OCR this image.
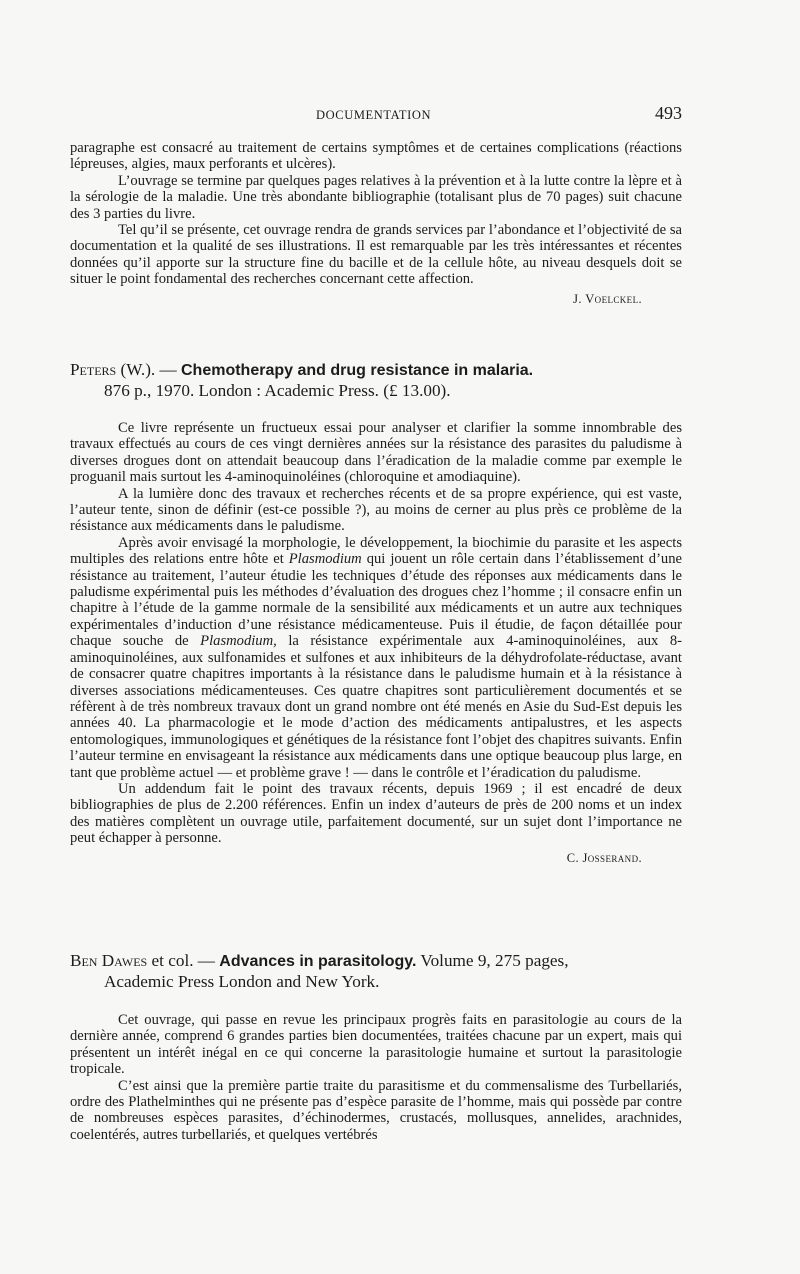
DOCUMENTATION	493

paragraphe est consacré au traitement de certains symptômes et de certaines complications (réactions lépreuses, algies, maux perforants et ulcères).

L’ouvrage se termine par quelques pages relatives à la prévention et à la lutte contre la lèpre et à la sérologie de la maladie. Une très abondante bibliographie (totalisant plus de 70 pages) suit chacune des 3 parties du livre.

Tel qu’il se présente, cet ouvrage rendra de grands services par l’abondance et l’objectivité de sa documentation et la qualité de ses illustrations. Il est remarquable par les très intéressantes et récentes données qu’il apporte sur la structure fine du bacille et de la cellule hôte, au niveau desquels doit se situer le point fondamental des recherches concernant cette affection.

J. Voelckel.
Peters (W.). — Chemotherapy and drug resistance in malaria.
876 p., 1970. London : Academic Press. (£ 13.00).

Ce livre représente un fructueux essai pour analyser et clarifier la somme innombrable des travaux effectués au cours de ces vingt dernières années sur la résistance des parasites du paludisme à diverses drogues dont on attendait beaucoup dans l’éradication de la maladie comme par exemple le proguanil mais surtout les 4-aminoquinoléines (chloroquine et amodiaquine).

A la lumière donc des travaux et recherches récents et de sa propre expérience, qui est vaste, l’auteur tente, sinon de définir (est-ce possible ?), au moins de cerner au plus près ce problème de la résistance aux médicaments dans le paludisme.

Après avoir envisagé la morphologie, le développement, la biochimie du parasite et les aspects multiples des relations entre hôte et Plasmodium qui jouent un rôle certain dans l’établissement d’une résistance au traitement, l’auteur étudie les techniques d’étude des réponses aux médicaments dans le paludisme expérimental puis les méthodes d’évaluation des drogues chez l’homme ; il consacre enfin un chapitre à l’étude de la gamme normale de la sensibilité aux médicaments et un autre aux techniques expérimentales d’induction d’une résistance médicamenteuse. Puis il étudie, de façon détaillée pour chaque souche de Plasmodium, la résistance expérimentale aux 4-aminoquinoléines, aux 8-aminoquinoléines, aux sulfonamides et sulfones et aux inhibiteurs de la déhydrofolate-réductase, avant de consacrer quatre chapitres importants à la résistance dans le paludisme humain et à la résistance à diverses associations médicamenteuses. Ces quatre chapitres sont particulièrement documentés et se réfèrent à de très nombreux travaux dont un grand nombre ont été menés en Asie du Sud-Est depuis les années 40. La pharmacologie et le mode d’action des médicaments antipalustres, et les aspects entomologiques, immunologiques et génétiques de la résistance font l’objet des chapitres suivants. Enfin l’auteur termine en envisageant la résistance aux médicaments dans une optique beaucoup plus large, en tant que problème actuel — et problème grave ! — dans le contrôle et l’éradication du paludisme.

Un addendum fait le point des travaux récents, depuis 1969 ; il est encadré de deux bibliographies de plus de 2.200 références. Enfin un index d’auteurs de près de 200 noms et un index des matières complètent un ouvrage utile, parfaitement documenté, sur un sujet dont l’importance ne peut échapper à personne.

C. Josserand.
Ben Dawes et col. — Advances in parasitology. Volume 9, 275 pages,
Academic Press London and New York.

Cet ouvrage, qui passe en revue les principaux progrès faits en parasitologie au cours de la dernière année, comprend 6 grandes parties bien documentées, traitées chacune par un expert, mais qui présentent un intérêt inégal en ce qui concerne la parasitologie humaine et surtout la parasitologie tropicale.

C’est ainsi que la première partie traite du parasitisme et du commensalisme des Turbellariés, ordre des Plathelminthes qui ne présente pas d’espèce parasite de l’homme, mais qui possède par contre de nombreuses espèces parasites, d’échinodermes, crustacés, mollusques, annelides, arachnides, coelentérés, autres turbellariés, et quelques vertébrés
